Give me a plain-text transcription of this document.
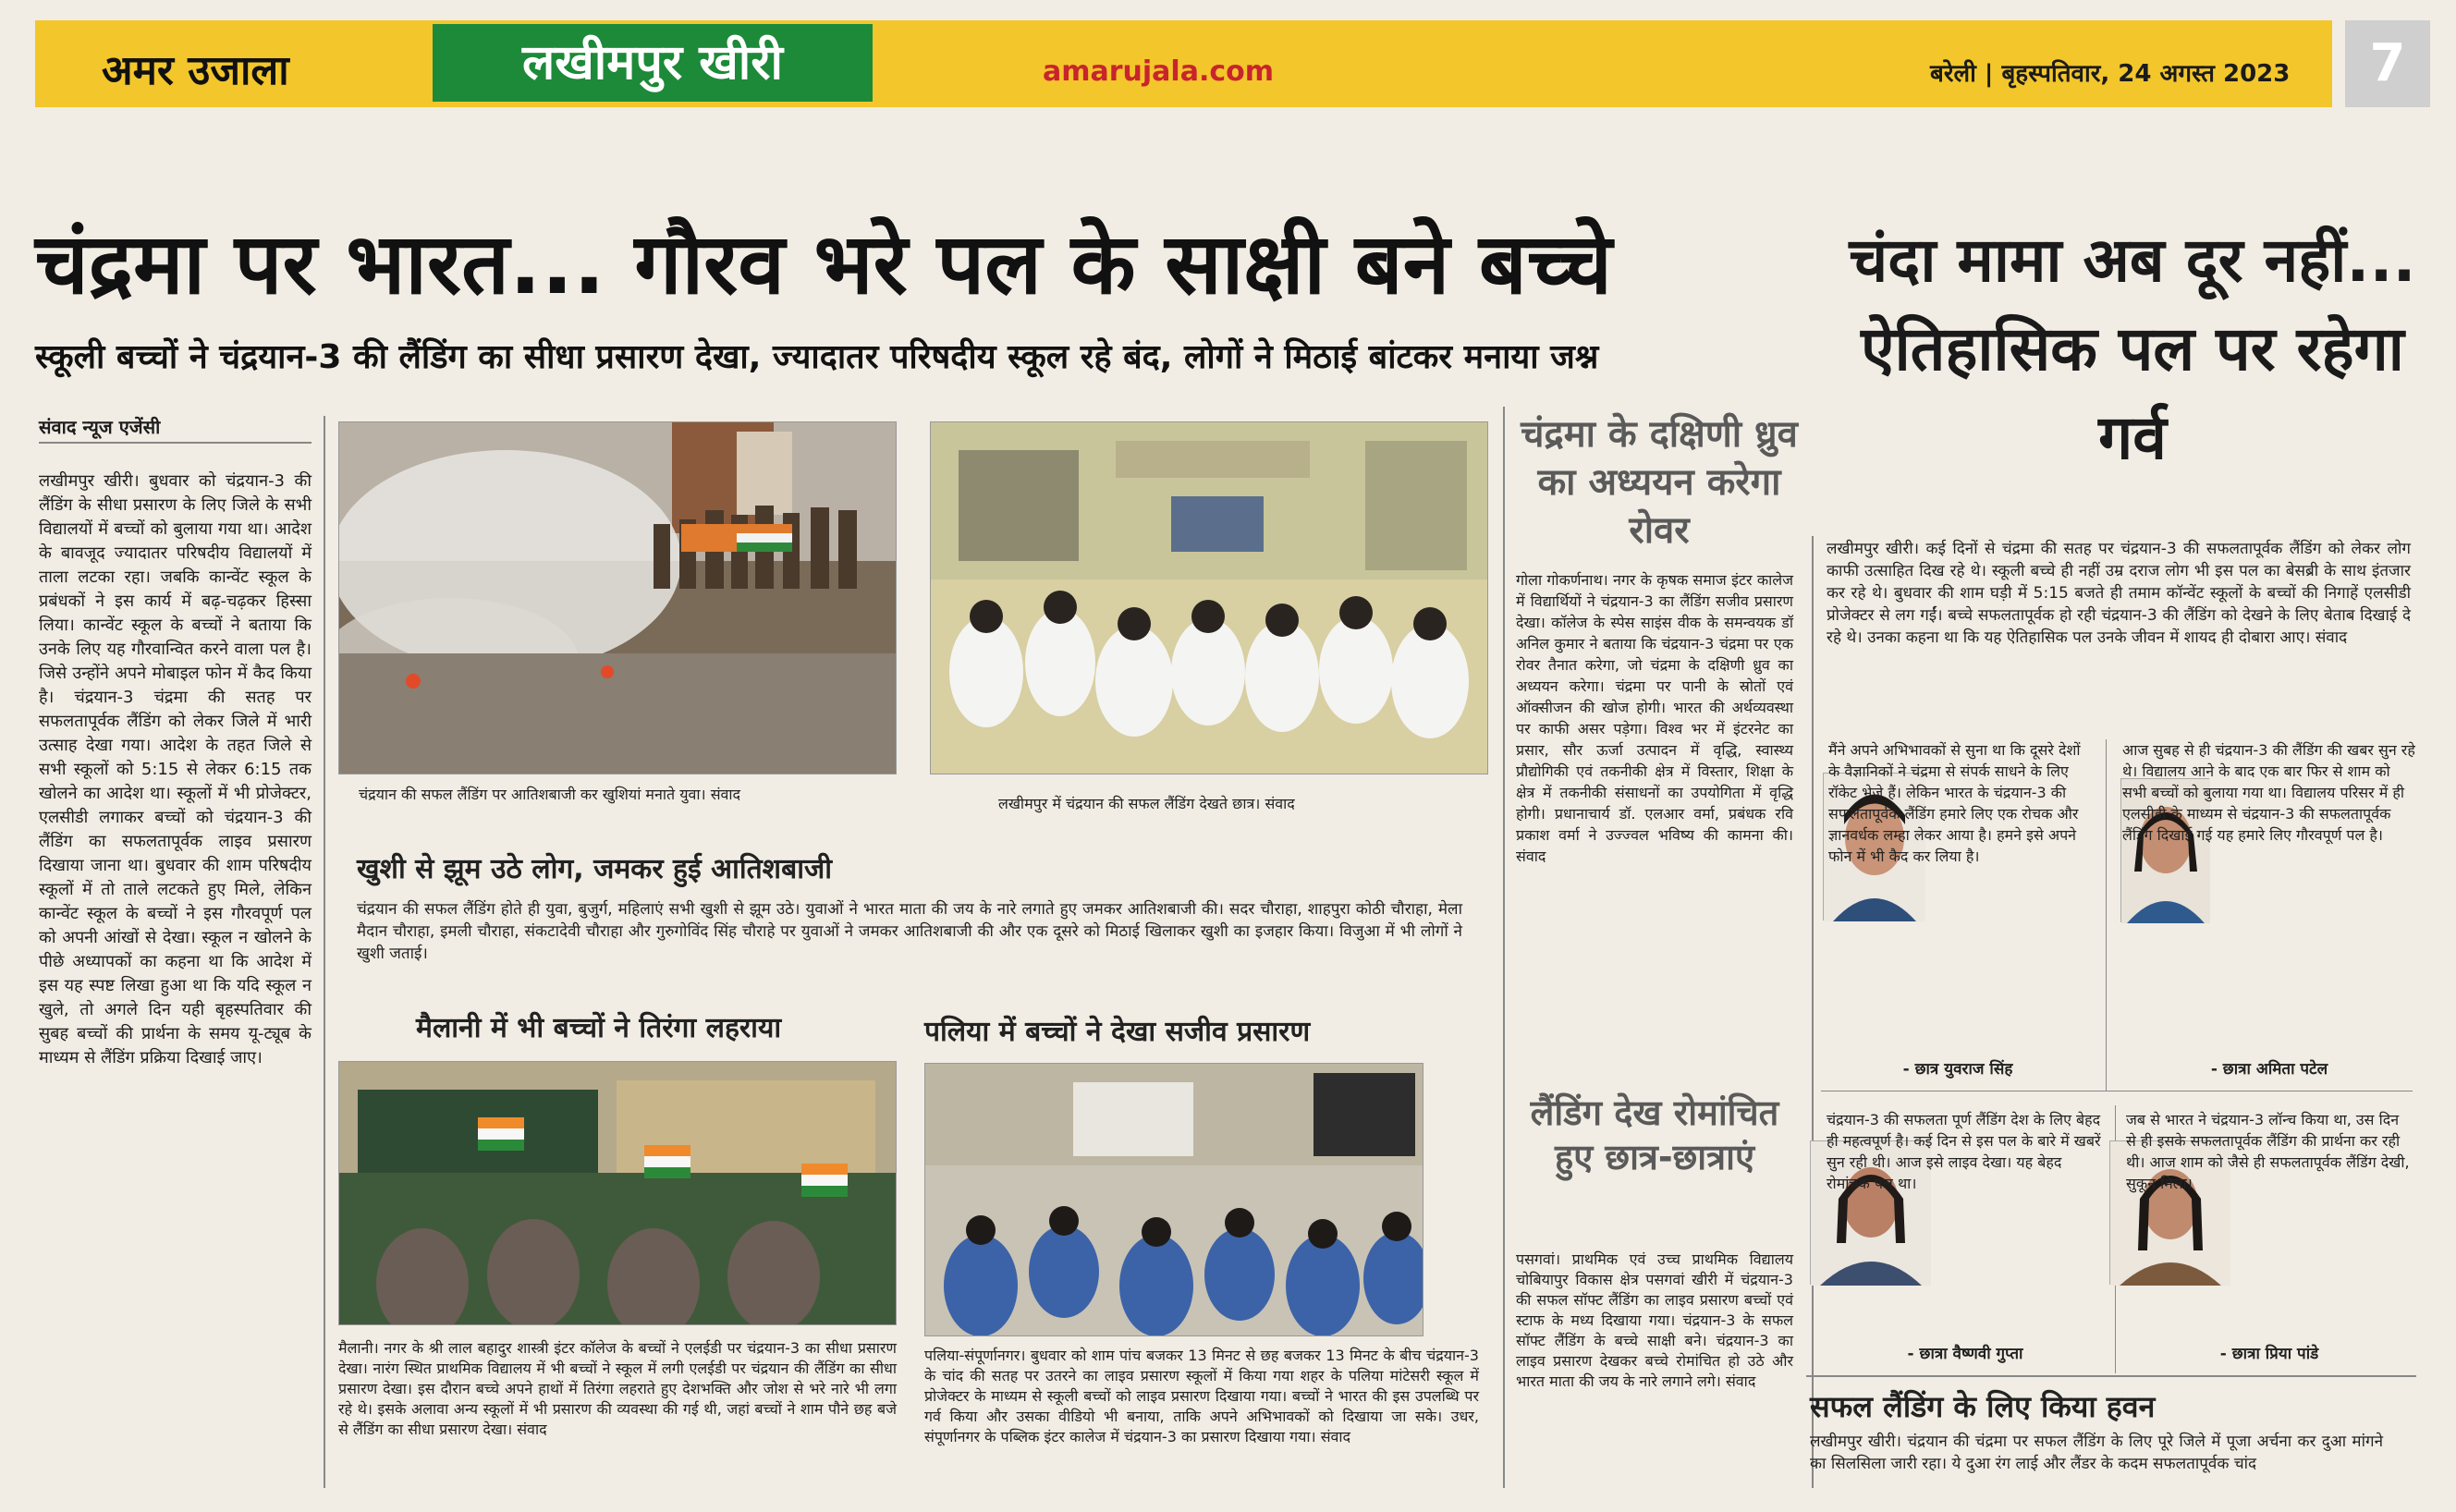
अमर उजाला	लखीमपुर खीरी	amarujala.com	बरेली | बृहस्पतिवार, 24 अगस्त 2023	7
चंद्रमा पर भारत... गौरव भरे पल के साक्षी बने बच्चे
स्कूली बच्चों ने चंद्रयान-3 की लैंडिंग का सीधा प्रसारण देखा, ज्यादातर परिषदीय स्कूल रहे बंद, लोगों ने मिठाई बांटकर मनाया जश्न
चंदा मामा अब दूर नहीं... ऐतिहासिक पल पर रहेगा गर्व
संवाद न्यूज एजेंसी
लखीमपुर खीरी। बुधवार को चंद्रयान-3 की लैंडिंग के सीधा प्रसारण के लिए जिले के सभी विद्यालयों में बच्चों को बुलाया गया था। आदेश के बावजूद ज्यादातर परिषदीय विद्यालयों में ताला लटका रहा। जबकि कान्वेंट स्कूल के प्रबंधकों ने इस कार्य में बढ़-चढ़कर हिस्सा लिया। कान्वेंट स्कूल के बच्चों ने बताया कि उनके लिए यह गौरवान्वित करने वाला पल है। जिसे उन्होंने अपने मोबाइल फोन में कैद किया है। चंद्रयान-3 चंद्रमा की सतह पर सफलतापूर्वक लैंडिंग को लेकर जिले में भारी उत्साह देखा गया। आदेश के तहत जिले से सभी स्कूलों को 5:15 से लेकर 6:15 तक खोलने का आदेश था। स्कूलों में भी प्रोजेक्टर, एलसीडी लगाकर बच्चों को चंद्रयान-3 की लैंडिंग का सफलतापूर्वक लाइव प्रसारण दिखाया जाना था। बुधवार की शाम परिषदीय स्कूलों में तो ताले लटकते हुए मिले, लेकिन कान्वेंट स्कूल के बच्चों ने इस गौरवपूर्ण पल को अपनी आंखों से देखा। स्कूल न खोलने के पीछे अध्यापकों का कहना था कि आदेश में इस यह स्पष्ट लिखा हुआ था कि यदि स्कूल न खुले, तो अगले दिन यही बृहस्पतिवार की सुबह बच्चों की प्रार्थना के समय यू-ट्यूब के माध्यम से लैंडिंग प्रक्रिया दिखाई जाए।
चंद्रयान की सफल लैंडिंग पर आतिशबाजी कर खुशियां मनाते युवा। संवाद
लखीमपुर में चंद्रयान की सफल लैंडिंग देखते छात्र। संवाद
खुशी से झूम उठे लोग, जमकर हुई आतिशबाजी
चंद्रयान की सफल लैंडिंग होते ही युवा, बुजुर्ग, महिलाएं सभी खुशी से झूम उठे। युवाओं ने भारत माता की जय के नारे लगाते हुए जमकर आतिशबाजी की। सदर चौराहा, शाहपुरा कोठी चौराहा, मेला मैदान चौराहा, इमली चौराहा, संकटादेवी चौराहा और गुरुगोविंद सिंह चौराहे पर युवाओं ने जमकर आतिशबाजी की और एक दूसरे को मिठाई खिलाकर खुशी का इजहार किया। विजुआ में भी लोगों ने खुशी जताई।
मैलानी में भी बच्चों ने तिरंगा लहराया
मैलानी। नगर के श्री लाल बहादुर शास्त्री इंटर कॉलेज के बच्चों ने एलईडी पर चंद्रयान-3 का सीधा प्रसारण देखा। नारंग स्थित प्राथमिक विद्यालय में भी बच्चों ने स्कूल में लगी एलईडी पर चंद्रयान की लैंडिंग का सीधा प्रसारण देखा। इस दौरान बच्चे अपने हाथों में तिरंगा लहराते हुए देशभक्ति और जोश से भरे नारे भी लगा रहे थे। इसके अलावा अन्य स्कूलों में भी प्रसारण की व्यवस्था की गई थी, जहां बच्चों ने शाम पौने छह बजे से लैंडिंग का सीधा प्रसारण देखा। संवाद
पलिया में बच्चों ने देखा सजीव प्रसारण
पलिया-संपूर्णानगर। बुधवार को शाम पांच बजकर 13 मिनट से छह बजकर 13 मिनट के बीच चंद्रयान-3 के चांद की सतह पर उतरने का लाइव प्रसारण स्कूलों में किया गया शहर के पलिया मांटेसरी स्कूल में प्रोजेक्टर के माध्यम से स्कूली बच्चों को लाइव प्रसारण दिखाया गया। बच्चों ने भारत की इस उपलब्धि पर गर्व किया और उसका वीडियो भी बनाया, ताकि अपने अभिभावकों को दिखाया जा सके। उधर, संपूर्णानगर के पब्लिक इंटर कालेज में चंद्रयान-3 का प्रसारण दिखाया गया। संवाद
चंद्रमा के दक्षिणी ध्रुव का अध्ययन करेगा रोवर
गोला गोकर्णनाथ। नगर के कृषक समाज इंटर कालेज में विद्यार्थियों ने चंद्रयान-3 का लैंडिंग सजीव प्रसारण देखा। कॉलेज के स्पेस साइंस वीक के समन्वयक डॉ अनिल कुमार ने बताया कि चंद्रयान-3 चंद्रमा पर एक रोवर तैनात करेगा, जो चंद्रमा के दक्षिणी ध्रुव का अध्ययन करेगा। चंद्रमा पर पानी के स्रोतों एवं ऑक्सीजन की खोज होगी। भारत की अर्थव्यवस्था पर काफी असर पड़ेगा। विश्व भर में इंटरनेट का प्रसार, सौर ऊर्जा उत्पादन में वृद्धि, स्वास्थ्य प्रौद्योगिकी एवं तकनीकी क्षेत्र में विस्तार, शिक्षा के क्षेत्र में तकनीकी संसाधनों का उपयोगिता में वृद्धि होगी। प्रधानाचार्य डॉ. एलआर वर्मा, प्रबंधक रवि प्रकाश वर्मा ने उज्ज्वल भविष्य की कामना की। संवाद
लैंडिंग देख रोमांचित हुए छात्र-छात्राएं
पसगवां। प्राथमिक एवं उच्च प्राथमिक विद्यालय चोबियापुर विकास क्षेत्र पसगवां खीरी में चंद्रयान-3 की सफल सॉफ्ट लैंडिंग का लाइव प्रसारण बच्चों एवं स्टाफ के मध्य दिखाया गया। चंद्रयान-3 के सफल सॉफ्ट लैंडिंग के बच्चे साक्षी बने। चंद्रयान-3 का लाइव प्रसारण देखकर बच्चे रोमांचित हो उठे और भारत माता की जय के नारे लगाने लगे। संवाद
लखीमपुर खीरी। कई दिनों से चंद्रमा की सतह पर चंद्रयान-3 की सफलतापूर्वक लैंडिंग को लेकर लोग काफी उत्साहित दिख रहे थे। स्कूली बच्चे ही नहीं उम्र दराज लोग भी इस पल का बेसब्री के साथ इंतजार कर रहे थे। बुधवार की शाम घड़ी में 5:15 बजते ही तमाम कॉन्वेंट स्कूलों के बच्चों की निगाहें एलसीडी प्रोजेक्टर से लग गईं। बच्चे सफलतापूर्वक हो रही चंद्रयान-3 की लैंडिंग को देखने के लिए बेताब दिखाई दे रहे थे। उनका कहना था कि यह ऐतिहासिक पल उनके जीवन में शायद ही दोबारा आए। संवाद
मैंने अपने अभिभावकों से सुना था कि दूसरे देशों के वैज्ञानिकों ने चंद्रमा से संपर्क साधने के लिए रॉकेट भेजे हैं। लेकिन भारत के चंद्रयान-3 की सफलतापूर्वक लैंडिंग हमारे लिए एक रोचक और ज्ञानवर्धक लम्हा लेकर आया है। हमने इसे अपने फोन में भी कैद कर लिया है।
- छात्र युवराज सिंह
आज सुबह से ही चंद्रयान-3 की लैंडिंग की खबर सुन रहे थे। विद्यालय आने के बाद एक बार फिर से शाम को सभी बच्चों को बुलाया गया था। विद्यालय परिसर में ही एलसीडी के माध्यम से चंद्रयान-3 की सफलतापूर्वक लैंडिंग दिखाई गई यह हमारे लिए गौरवपूर्ण पल है।
- छात्रा अमिता पटेल
चंद्रयान-3 की सफलता पूर्ण लैंडिंग देश के लिए बेहद ही महत्वपूर्ण है। कई दिन से इस पल के बारे में खबरें सुन रही थी। आज इसे लाइव देखा। यह बेहद रोमांचक पल था।
- छात्रा वैष्णवी गुप्ता
जब से भारत ने चंद्रयान-3 लॉन्च किया था, उस दिन से ही इसके सफलतापूर्वक लैंडिंग की प्रार्थना कर रही थी। आज शाम को जैसे ही सफलतापूर्वक लैंडिंग देखी, सुकून मिला।
- छात्रा प्रिया पांडे
सफल लैंडिंग के लिए किया हवन
लखीमपुर खीरी। चंद्रयान की चंद्रमा पर सफल लैंडिंग के लिए पूरे जिले में पूजा अर्चना कर दुआ मांगने का सिलसिला जारी रहा। ये दुआ रंग लाई और लैंडर के कदम सफलतापूर्वक चांद
